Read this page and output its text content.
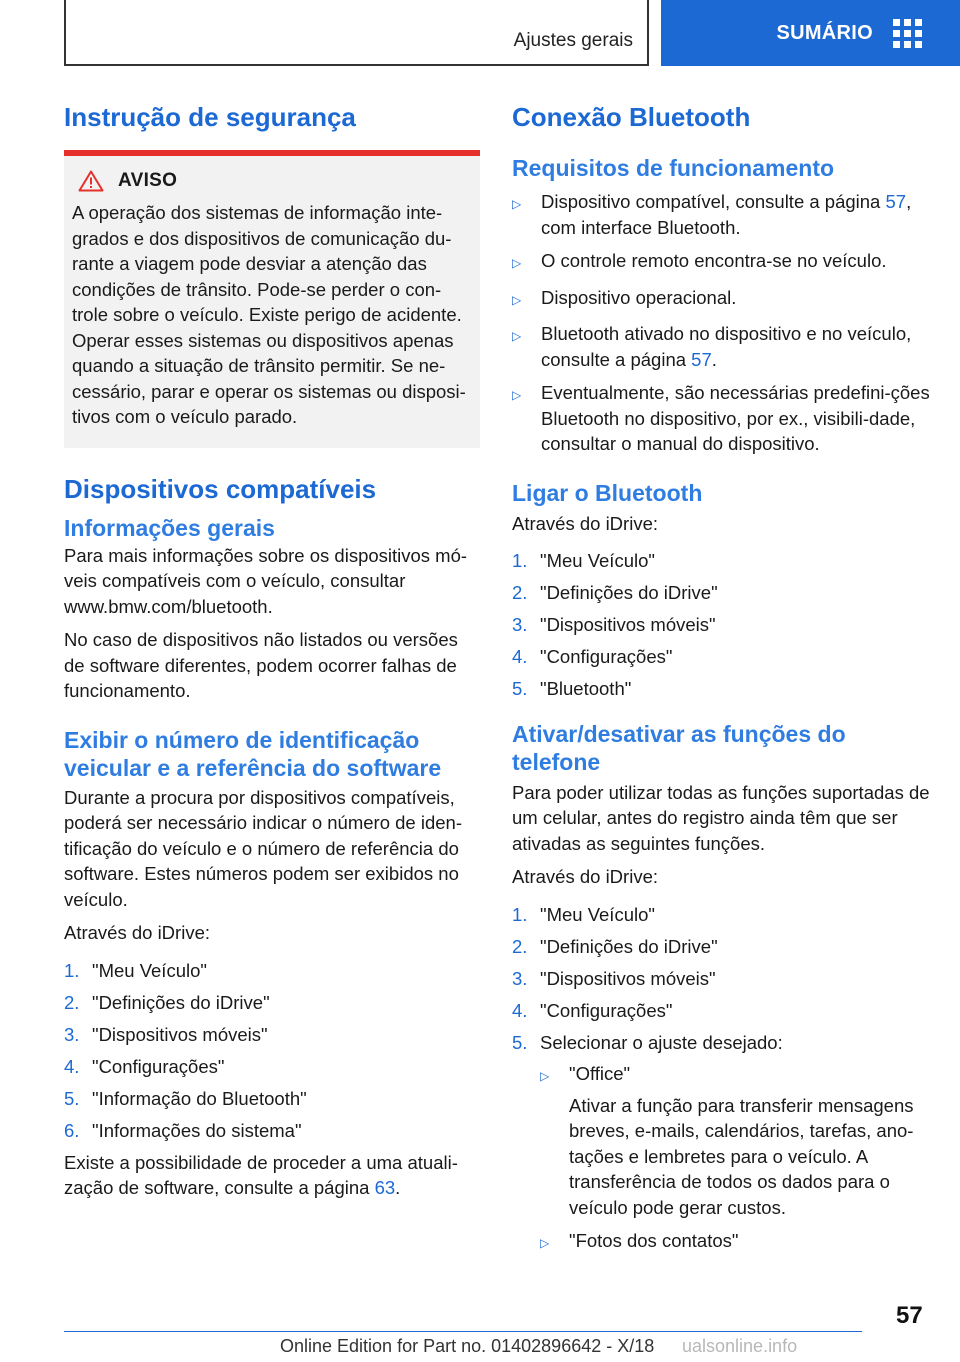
Ajustes gerais	SUMÁRIO
Instrução de segurança
AVISO

A operação dos sistemas de informação inte-grados e dos dispositivos de comunicação du-rante a viagem pode desviar a atenção das condições de trânsito. Pode-se perder o con-trole sobre o veículo. Existe perigo de acidente. Operar esses sistemas ou dispositivos apenas quando a situação de trânsito permitir. Se ne-cessário, parar e operar os sistemas ou disposi-tivos com o veículo parado.

Dispositivos compatíveis
Informações gerais

Para mais informações sobre os dispositivos mó-veis compatíveis com o veículo, consultar www.bmw.com/bluetooth.

No caso de dispositivos não listados ou versões de software diferentes, podem ocorrer falhas de funcionamento.

Exibir o número de identificação veicular e a referência do software

Durante a procura por dispositivos compatíveis, poderá ser necessário indicar o número de iden-tificação do veículo e o número de referência do software. Estes números podem ser exibidos no veículo.

Através do iDrive:

1. "Meu Veículo"
2. "Definições do iDrive"
3. "Dispositivos móveis"
4. "Configurações"
5. "Informação do Bluetooth"
6. "Informações do sistema"

Existe a possibilidade de proceder a uma atuali-zação de software, consulte a página 63.

Conexão Bluetooth
Requisitos de funcionamento
▷	Dispositivo compatível, consulte a página 57, com interface Bluetooth.
▷	O controle remoto encontra-se no veículo.
▷	Dispositivo operacional.
▷	Bluetooth ativado no dispositivo e no veículo, consulte a página 57.
▷	Eventualmente, são necessárias predefini-ções Bluetooth no dispositivo, por ex., visibili-dade, consultar o manual do dispositivo.
Ligar o Bluetooth

Através do iDrive:

1. "Meu Veículo"
2. "Definições do iDrive"
3. "Dispositivos móveis"
4. "Configurações"
5. "Bluetooth"
Ativar/desativar as funções do telefone

Para poder utilizar todas as funções suportadas de um celular, antes do registro ainda têm que ser ativadas as seguintes funções.

Através do iDrive:

1. "Meu Veículo"
2. "Definições do iDrive"
3. "Dispositivos móveis"
4. "Configurações"
5. Selecionar o ajuste desejado:
▷	"Office"
Ativar a função para transferir mensagens breves, e-mails, calendários, tarefas, ano-tações e lembretes para o veículo. A transferência de todos os dados para o veículo pode gerar custos.
▷	"Fotos dos contatos"
57
Online Edition for Part no. 01402896642 - X/18 ualsonline.info
